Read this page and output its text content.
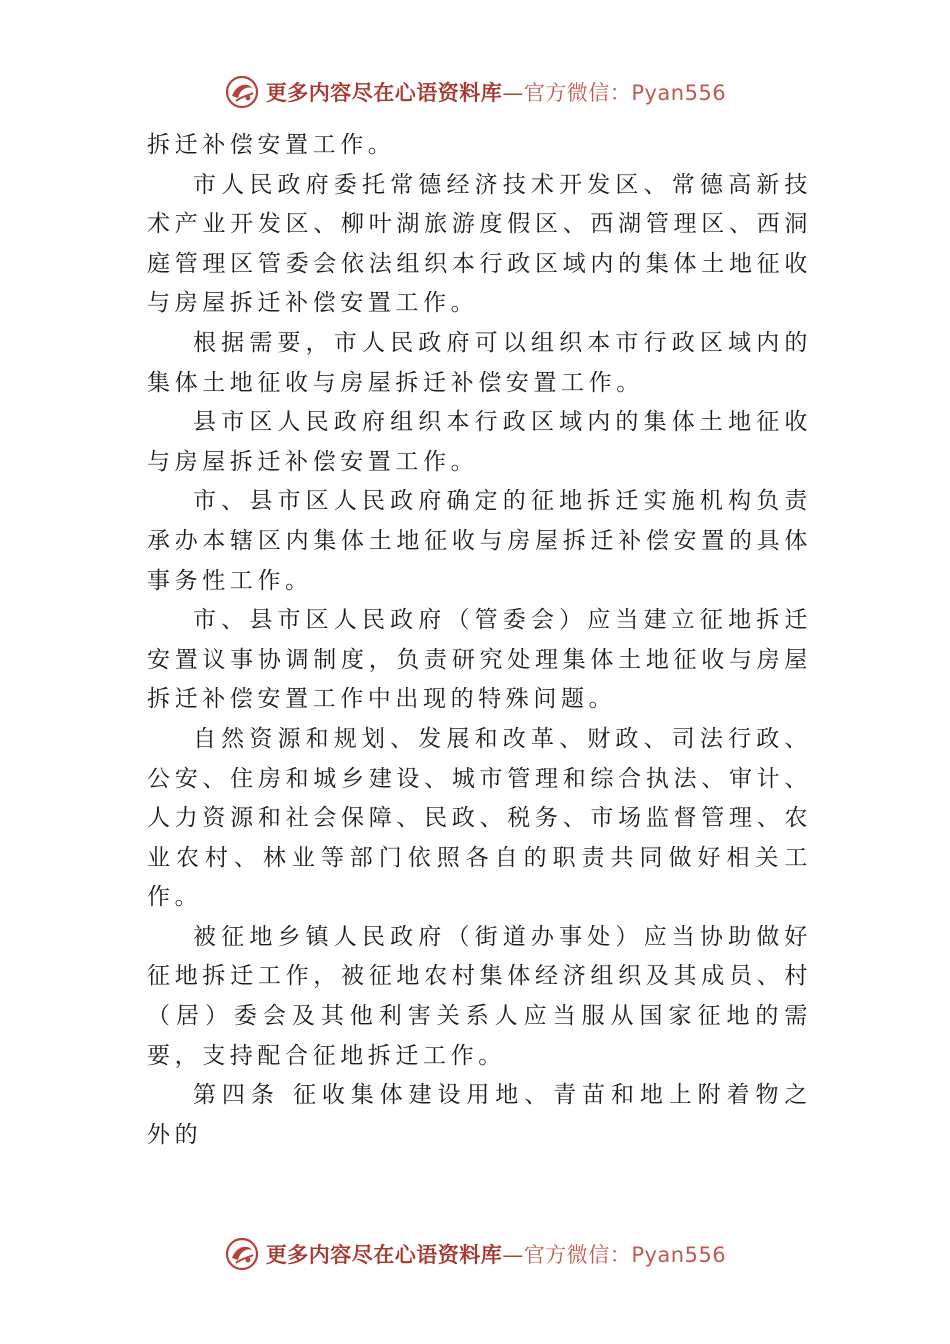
更多内容尽在心语资料库—官方微信：Pyan556

拆迁补偿安置工作。

市人民政府委托常德经济技术开发区、常德高新技术产业开发区、柳叶湖旅游度假区、西湖管理区、西洞庭管理区管委会依法组织本行政区域内的集体土地征收与房屋拆迁补偿安置工作。

根据需要，市人民政府可以组织本市行政区域内的集体土地征收与房屋拆迁补偿安置工作。

县市区人民政府组织本行政区域内的集体土地征收与房屋拆迁补偿安置工作。

市、县市区人民政府确定的征地拆迁实施机构负责承办本辖区内集体土地征收与房屋拆迁补偿安置的具体事务性工作。

市、县市区人民政府（管委会）应当建立征地拆迁安置议事协调制度，负责研究处理集体土地征收与房屋拆迁补偿安置工作中出现的特殊问题。

自然资源和规划、发展和改革、财政、司法行政、公安、住房和城乡建设、城市管理和综合执法、审计、人力资源和社会保障、民政、税务、市场监督管理、农业农村、林业等部门依照各自的职责共同做好相关工作。

被征地乡镇人民政府（街道办事处）应当协助做好征地拆迁工作，被征地农村集体经济组织及其成员、村（居）委会及其他利害关系人应当服从国家征地的需要，支持配合征地拆迁工作。

第四条 征收集体建设用地、青苗和地上附着物之外的

更多内容尽在心语资料库—官方微信：Pyan556
